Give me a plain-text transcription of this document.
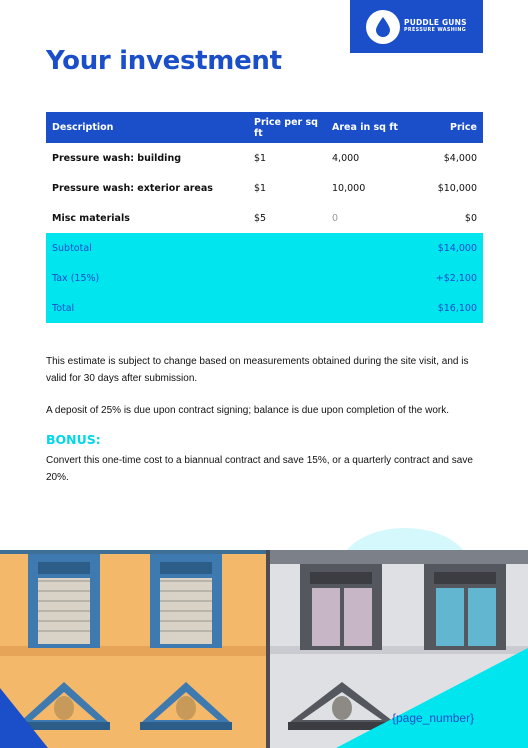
PUDDLE GUNS
PRESSURE WASHING
Your investment
Description	Price per sq ft	Area in sq ft	Price
Pressure wash: building	$1	4,000	$4,000
Pressure wash: exterior areas	$1	10,000	$10,000
Misc materials	$5	0	$0
Subtotal			$14,000
Tax (15%)			+$2,100
Total			$16,100

This estimate is subject to change based on measurements obtained during the site visit, and is valid for 30 days after submission.

A deposit of 25% is due upon contract signing; balance is due upon completion of the work.

BONUS:

Convert this one-time cost to a biannual contract and save 15%, or a quarterly contract and save 20%.

{page_number}
